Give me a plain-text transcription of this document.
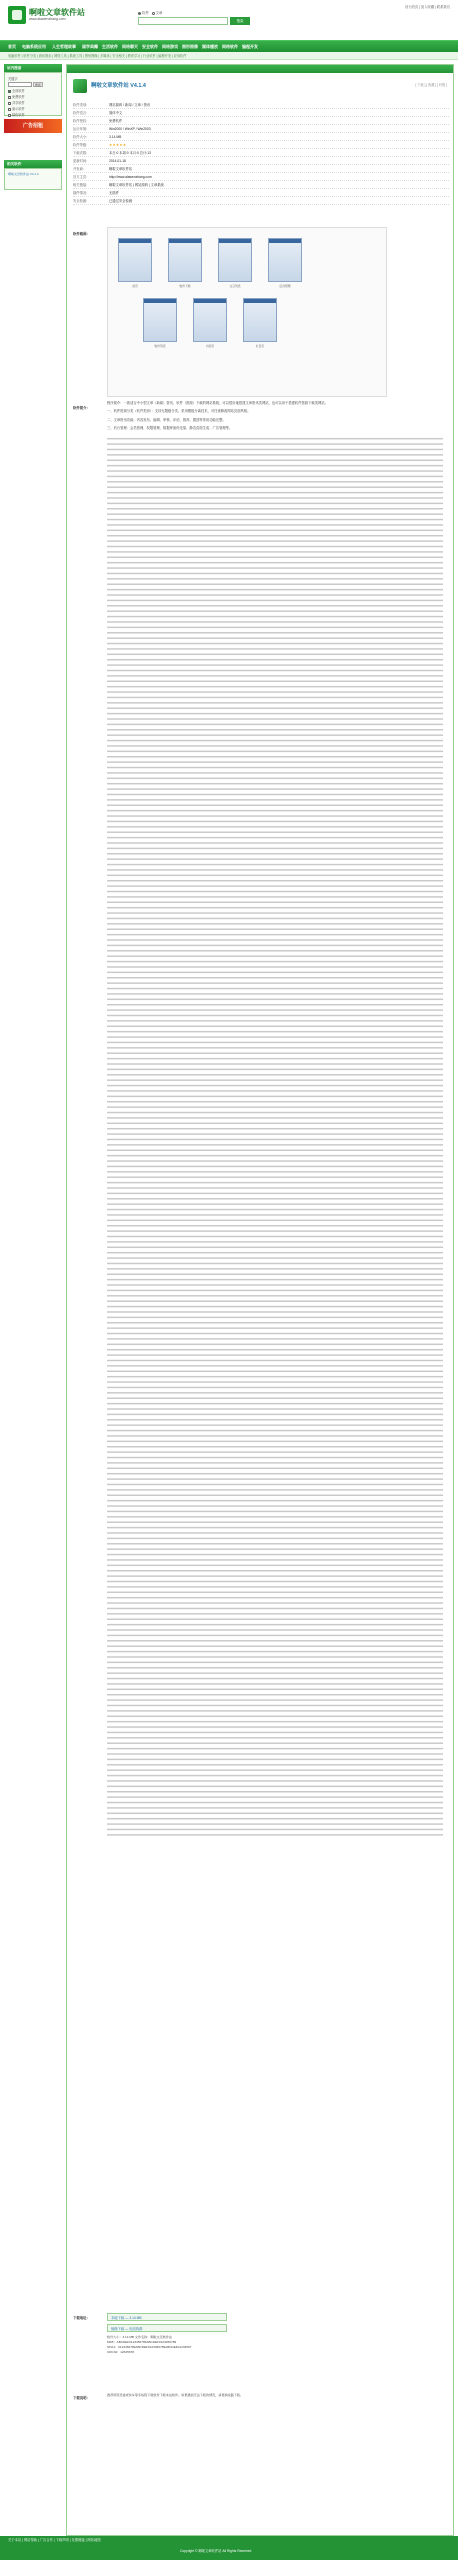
啊啦文章软件站
www.alawenzhang.com
软件 文章
搜索
设为首页 | 加入收藏 | 联系我们
首页 电脑系统应用 人生哲理故事 国学典籍 生活软件 网络聊天 安全软件 网络游戏 图形图像 媒体播放 网络软件 编程开发
电脑软件 | 软件分类 | 游戏娱乐 | 网络工具 | 系统工具 | 图形图像 | 多媒体 | 安全相关 | 教育学习 | 行业软件 | 编程开发 | 应用软件
站内搜索
关键字
搜索
全部软件
免费软件
共享软件
演示软件
绿色软件
广告招租
相关软件
啊啦文章软件站 V4.1.4
啊啦文章软件站 V4.1.4	[ 下载 ] [ 收藏 ] [ 纠错 ]
软件类别：	网站源码 / 新闻 / 文章 / 资讯
软件语言：	简体中文
软件授权：	免费软件
运行环境：	Win2000 / WinXP / Win2003
软件大小：	3.14 MB
软件等级：	★★★★★
下载次数：	本日:0 本周:0 本月:0 总计:13
更新时间：	2014-01-18
开发商：	啊啦文章软件站
官方主页：	http://www.alawenzhang.com
相关链接：	啊啦文章软件站 | 网站源码 | 文章系统
插件情况：	无插件
安全检测：	已通过安全检测
软件截图：
首页	软件下载	文章列表	后台管理
软件列表	内容页	栏目页
软件简介：

程序简介：一款适合中小型文章（新闻）资讯、软件（资源）下载的网站系统，可以很好地搭建文章资讯类网站，也可以用于搭建软件资源下载类网站。

一、软件资源分类（软件类别）：支持无限级分类，采用模板分离技术，可任意修改网站页面风格。

二、文章资讯功能：内容发布、编辑、审核、评论、推荐、置顶等常用功能完整。

三、后台管理：会员管理、权限管理、数据库备份还原、静态页面生成、广告管理等。

下载地址：	本地下载 — 3.14 MB
镜像下载 — 电信线路
软件大小：3.14 MB 文件名称：啊啦文章软件站
MD5：ABCDEF0123456789ABCDEF0123456789
SHA1：0123456789ABCDEF0123456789ABCDEF01234567
CRC32：12345678
下载说明：
推荐使用迅雷或快车等多线程下载软件下载本站软件。如果遇到无法下载的情况，请更换线路下载。
关于本站 | 网站帮助 | 广告合作 | 下载声明 | 友情链接 | 网站地图
Copyright © 啊啦文章软件站 All Rights Reserved
